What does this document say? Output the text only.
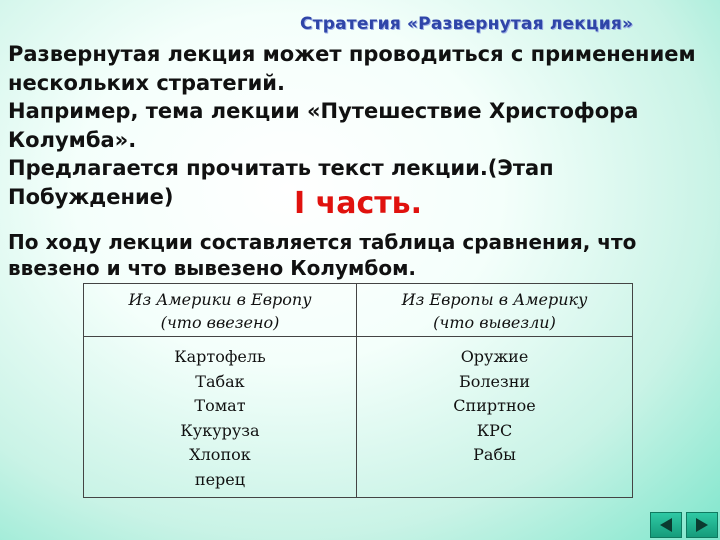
Стратегия «Развернутая лекция»
Развернутая лекция может проводиться с применением
нескольких стратегий.
Например, тема лекции «Путешествие Христофора
Колумба».
Предлагается прочитать текст лекции.(Этап Побуждение)	I часть.
По ходу лекции составляется таблица сравнения, что
ввезено и что вывезено Колумбом.
Из Америки в Европу
(что ввезено)
Из Европы в Америку
(что вывезли)
Картофель
Табак
Томат
Кукуруза
Хлопок
перец
Оружие
Болезни
Спиртное
КРС
Рабы
